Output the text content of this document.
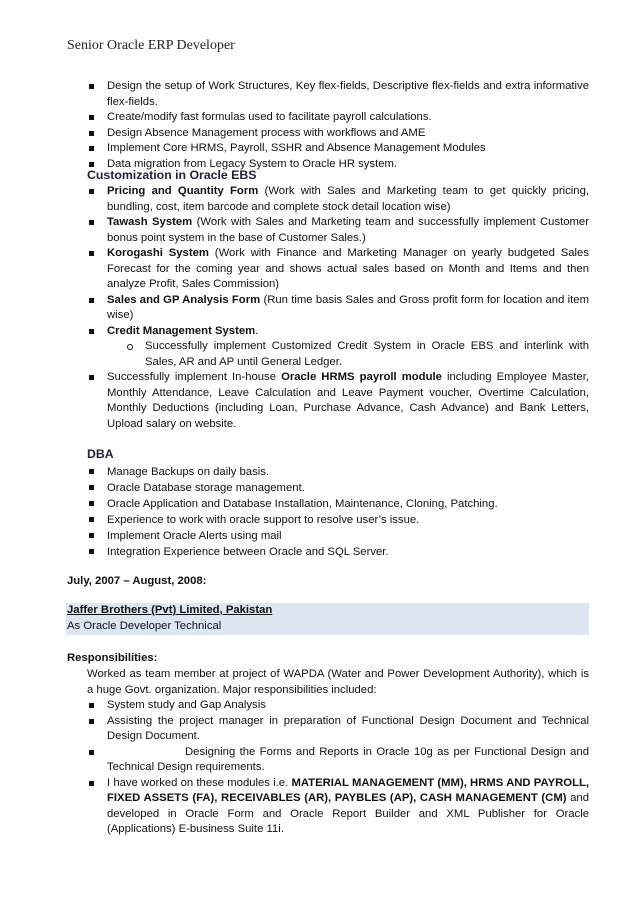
Senior Oracle ERP Developer
Design the setup of Work Structures, Key flex-fields, Descriptive flex-fields and extra informative flex-fields.
Create/modify fast formulas used to facilitate payroll calculations.
Design Absence Management process with workflows and AME
Implement Core HRMS, Payroll, SSHR and Absence Management Modules
Data migration from Legacy System to Oracle HR system.
Customization in Oracle EBS
Pricing and Quantity Form (Work with Sales and Marketing team to get quickly pricing, bundling, cost, item barcode and complete stock detail location wise)
Tawash System (Work with Sales and Marketing team and successfully implement Customer bonus point system in the base of Customer Sales.)
Korogashi System (Work with Finance and Marketing Manager on yearly budgeted Sales Forecast for the coming year and shows actual sales based on Month and Items and then analyze Profit, Sales Commission)
Sales and GP Analysis Form (Run time basis Sales and Gross profit form for location and item wise)
Credit Management System.
Successfully implement Customized Credit System in Oracle EBS and interlink with Sales, AR and AP until General Ledger.
Successfully implement In-house Oracle HRMS payroll module including Employee Master, Monthly Attendance, Leave Calculation and Leave Payment voucher, Overtime Calculation, Monthly Deductions (including Loan, Purchase Advance, Cash Advance) and Bank Letters, Upload salary on website.
DBA
Manage Backups on daily basis.
Oracle Database storage management.
Oracle Application and Database Installation, Maintenance, Cloning, Patching.
Experience to work with oracle support to resolve user’s issue.
Implement Oracle Alerts using mail
Integration Experience between Oracle and SQL Server.
July, 2007 – August, 2008:
Jaffer Brothers (Pvt) Limited, Pakistan
As Oracle Developer Technical
Responsibilities:
Worked as team member at project of WAPDA (Water and Power Development Authority), which is a huge Govt. organization. Major responsibilities included:
System study and Gap Analysis
Assisting the project manager in preparation of Functional Design Document and Technical Design Document.
Designing the Forms and Reports in Oracle 10g as per Functional Design and Technical Design requirements.
I have worked on these modules i.e. MATERIAL MANAGEMENT (MM), HRMS AND PAYROLL, FIXED ASSETS (FA), RECEIVABLES (AR), PAYBLES (AP), CASH MANAGEMENT (CM) and developed in Oracle Form and Oracle Report Builder and XML Publisher for Oracle (Applications) E-business Suite 11i.
